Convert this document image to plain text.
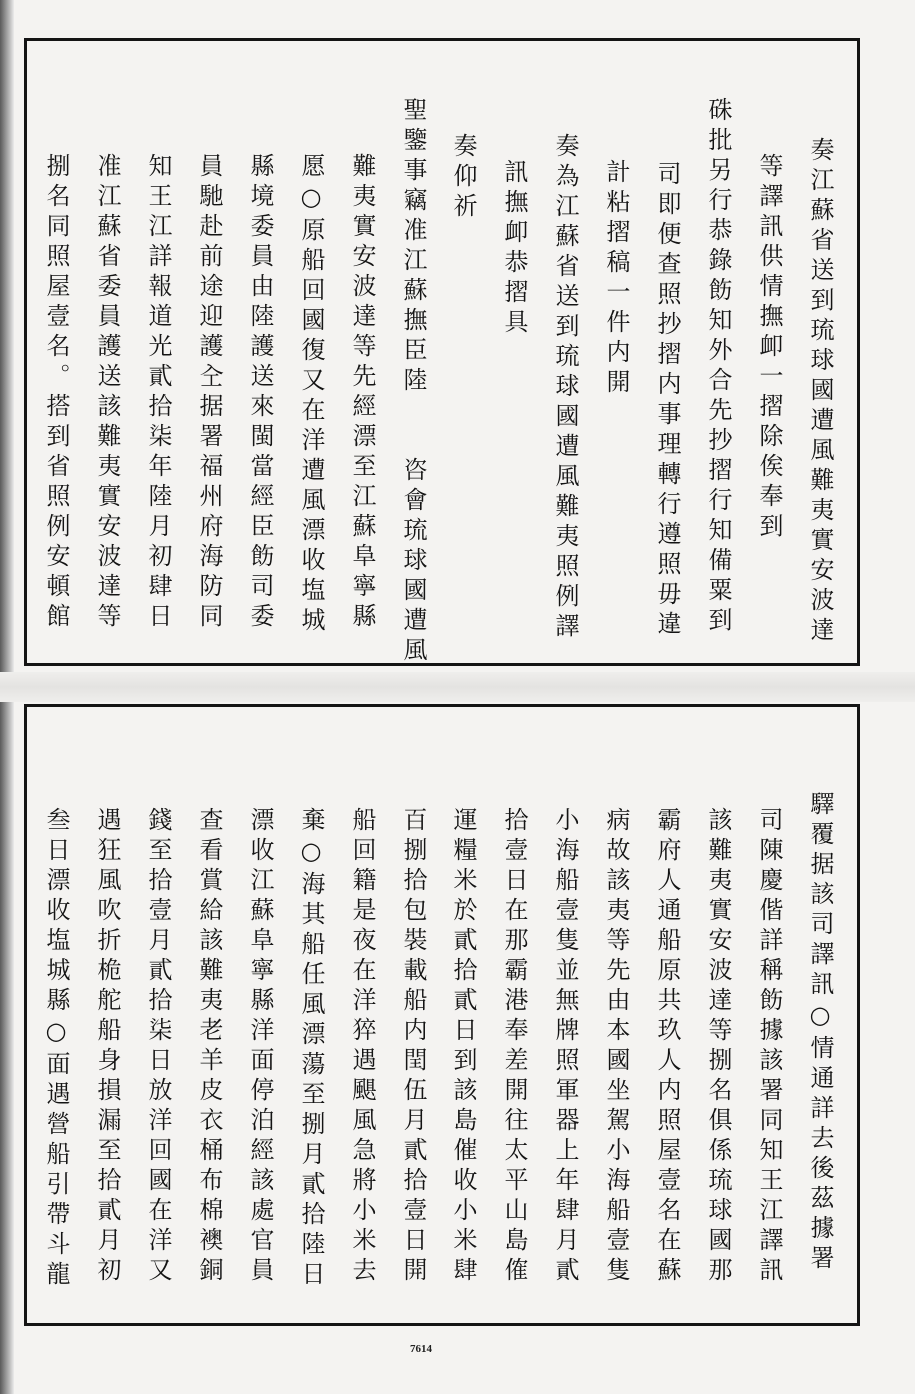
奏江蘇省送到琉球國遭風難夷實安波達
等譯訊供情撫卹一摺除俟奉到
硃批另行恭錄飭知外合先抄摺行知備粟到
司即便查照抄摺内事理轉行遵照毋違
計粘摺稿一件内開
奏為江蘇省送到琉球國遭風難夷照例譯
訊撫卹恭摺具
奏仰祈
聖鑒事竊准江蘇撫臣陸　　咨會琉球國遭風
難夷實安波達等先經漂至江蘇阜寧縣
愿○原船回國復又在洋遭風漂收塩城
縣境委員由陸護送來閩當經臣飭司委
員馳赴前途迎護㒰据署福州府海防同
知王江詳報道光貳拾柒年陸月初肆日
准江蘇省委員護送該難夷實安波達等
捌名同照屋壹名。搭到省照例安頓館
驛覆据該司譯訊○情通詳去後茲據署
司陳慶偕詳稱飭據該署同知王江譯訊
該難夷實安波達等捌名俱係琉球國那
霸府人通船原共玖人内照屋壹名在蘇
病故該夷等先由本國坐駕小海船壹隻
小海船壹隻並無牌照軍器上年肆月貳
拾壹日在那霸港奉差開往太平山島傕
運糧米於貳拾貳日到該島催收小米肆
百捌拾包裝載船内閏伍月貳拾壹日開
船回籍是夜在洋猝遇颶風急將小米去
棄○海其船任風漂蕩至捌月貳拾陸日
漂收江蘇阜寧縣洋面停泊經該處官員
查看賞給該難夷老羊皮衣桶布棉襖銅
錢至拾壹月貳拾柒日放洋回國在洋又
遇狂風吹折桅舵船身損漏至拾貳月初
叁日漂收塩城縣○面遇營船引帶斗龍
7614
